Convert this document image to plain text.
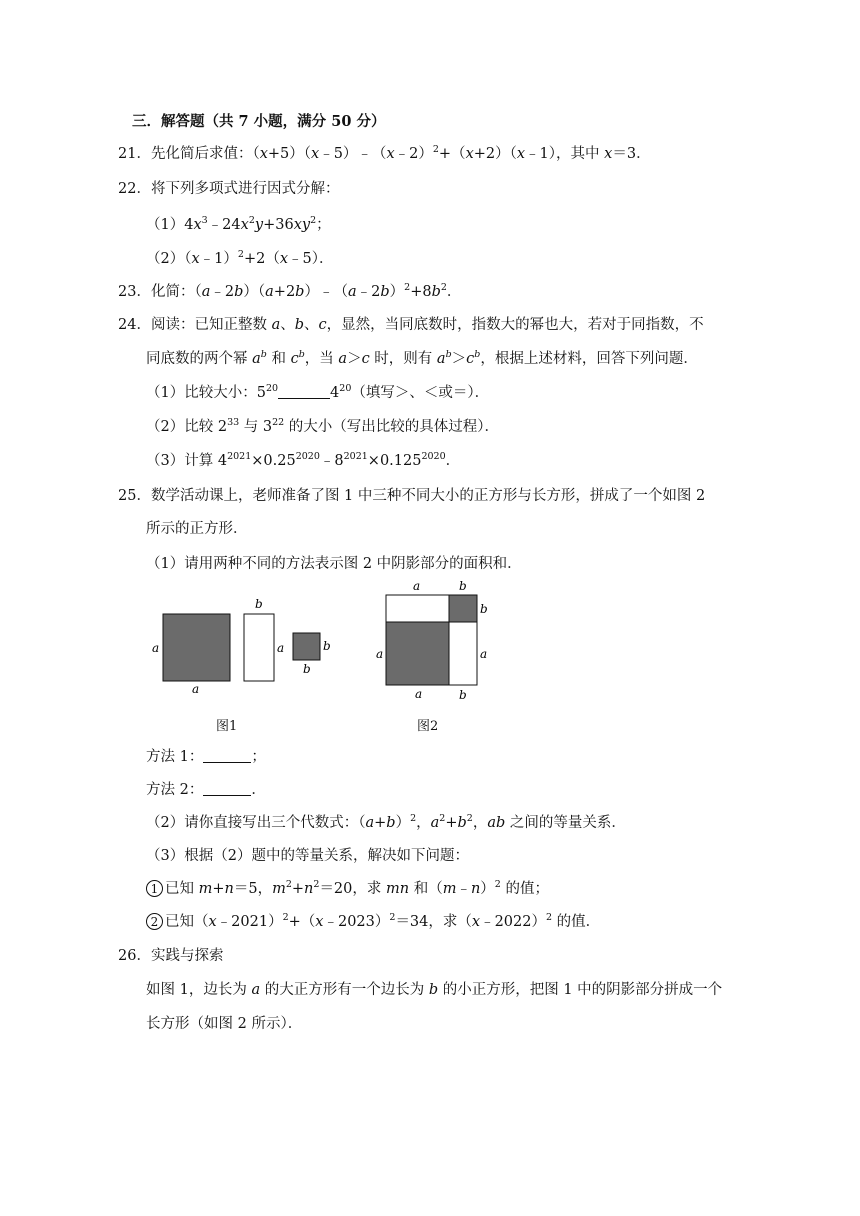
三．解答题（共 7 小题，满分 50 分）
21．先化简后求值：（x+5）（x﹣5）﹣（x﹣2）$^2$+（x+2）（x﹣1），其中 x＝3．
22．将下列多项式进行因式分解：
$(1)4x^3﹣24x^2y+36xy^2$；
（2）（x﹣1）$^2$+2（x﹣5）．
23．化简：$(a﹣2b)(a+2b)﹣(a﹣2b)^2+8b^2$．
24．阅读：已知正整数 a、b、c，显然，当同底数时，指数大的幂也大，若对于同指数，不
同底数的两个幂 $a^b$ 和 $c^b$，当 a＞c 时，则有 $a^b>c^b$，根据上述材料，回答下列问题．
（1）比较大小：$5^{20}$	$4^{20}$（填写＞、＜或＝）．
（2）比较 $2^{33}$ 与 $3^{22}$ 的大小（写出比较的具体过程）．
（3）计算 $4^{2021}\times 0.25^{2020}﹣8^{2021}\times 0.125^{2020}$．
25．数学活动课上，老师准备了图 1 中三种不同大小的正方形与长方形，拼成了一个如图 2
所示的正方形．
（1）请用两种不同的方法表示图 2 中阴影部分的面积和．
a
a
b
a	b
b
图1
a	b
b
a	a
a	b
图2
方法 1：	；
方法 2：	．
（2）请你直接写出三个代数式：$(a+b)^2$，$a^2+b^2$，ab 之间的等量关系．
（3）根据（2）题中的等量关系，解决如下问题：
1 已知 m+n＝5，$m^2+n^2=20$，求 mn 和（m﹣n）$^2$ 的值；
2 已知（x﹣2021）$^2$+（x﹣2023）$^2$＝34，求（x﹣2022）$^2$ 的值．
26．实践与探索
如图 1，边长为 a 的大正方形有一个边长为 b 的小正方形，把图 1 中的阴影部分拼成一个
长方形（如图 2 所示）．
